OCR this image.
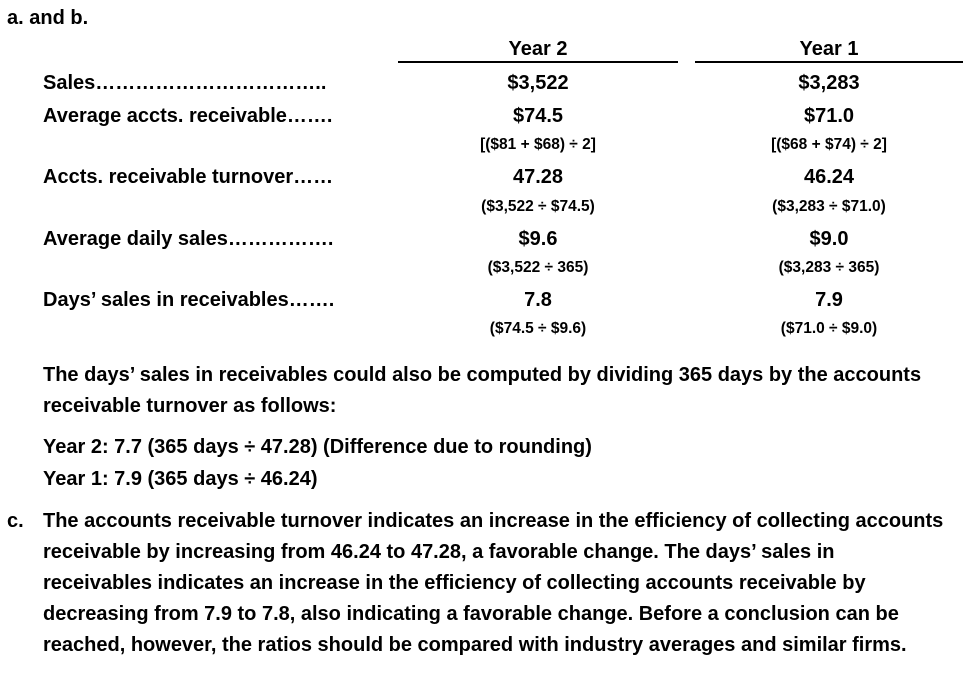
a. and b.
Year 2	Year 1
Sales……………………………..	$3,522	$3,283
Average accts. receivable…….	$74.5	$71.0
[($81 + $68) ÷ 2]	[($68 + $74) ÷ 2]
Accts. receivable turnover……	47.28	46.24
($3,522 ÷ $74.5)	($3,283 ÷ $71.0)
Average daily sales…………….	$9.6	$9.0
($3,522 ÷ 365)	($3,283 ÷ 365)
Days’ sales in receivables…….	7.8	7.9
($74.5 ÷ $9.6)	($71.0 ÷ $9.0)
The days’ sales in receivables could also be computed by dividing 365 days by the accounts receivable turnover as follows:
Year 2: 7.7 (365 days ÷ 47.28) (Difference due to rounding)
Year 1: 7.9 (365 days ÷ 46.24)
c. The accounts receivable turnover indicates an increase in the efficiency of collecting accounts receivable by increasing from 46.24 to 47.28, a favorable change. The days’ sales in receivables indicates an increase in the efficiency of collecting accounts receivable by decreasing from 7.9 to 7.8, also indicating a favorable change. Before a conclusion can be reached, however, the ratios should be compared with industry averages and similar firms.
